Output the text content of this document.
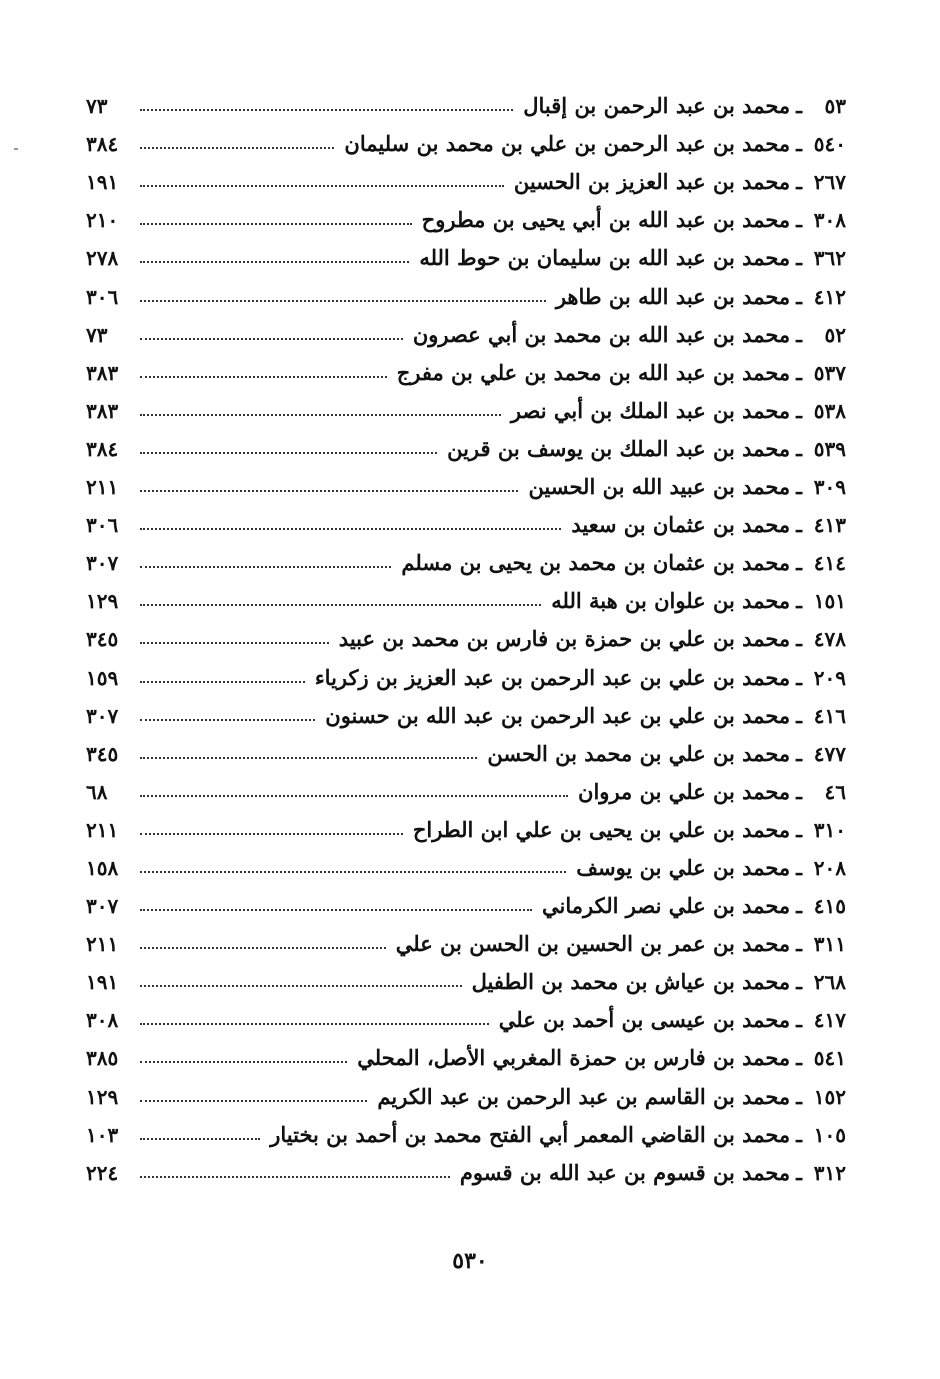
٥٣
ـ
محمد بن عبد الرحمن بن إقبال
٧٣
٥٤٠
ـ
محمد بن عبد الرحمن بن علي بن محمد بن سليمان
٣٨٤
٢٦٧
ـ
محمد بن عبد العزيز بن الحسين
١٩١
٣٠٨
ـ
محمد بن عبد الله بن أبي يحيى بن مطروح
٢١٠
٣٦٢
ـ
محمد بن عبد الله بن سليمان بن حوط الله
٢٧٨
٤١٢
ـ
محمد بن عبد الله بن طاهر
٣٠٦
٥٢
ـ
محمد بن عبد الله بن محمد بن أبي عصرون
٧٣
٥٣٧
ـ
محمد بن عبد الله بن محمد بن علي بن مفرج
٣٨٣
٥٣٨
ـ
محمد بن عبد الملك بن أبي نصر
٣٨٣
٥٣٩
ـ
محمد بن عبد الملك بن يوسف بن قرين
٣٨٤
٣٠٩
ـ
محمد بن عبيد الله بن الحسين
٢١١
٤١٣
ـ
محمد بن عثمان بن سعيد
٣٠٦
٤١٤
ـ
محمد بن عثمان بن محمد بن يحيى بن مسلم
٣٠٧
١٥١
ـ
محمد بن علوان بن هبة الله
١٢٩
٤٧٨
ـ
محمد بن علي بن حمزة بن فارس بن محمد بن عبيد
٣٤٥
٢٠٩
ـ
محمد بن علي بن عبد الرحمن بن عبد العزيز بن زكرياء
١٥٩
٤١٦
ـ
محمد بن علي بن عبد الرحمن بن عبد الله بن حسنون
٣٠٧
٤٧٧
ـ
محمد بن علي بن محمد بن الحسن
٣٤٥
٤٦
ـ
محمد بن علي بن مروان
٦٨
٣١٠
ـ
محمد بن علي بن يحيى بن علي ابن الطراح
٢١١
٢٠٨
ـ
محمد بن علي بن يوسف
١٥٨
٤١٥
ـ
محمد بن علي نصر الكرماني
٣٠٧
٣١١
ـ
محمد بن عمر بن الحسين بن الحسن بن علي
٢١١
٢٦٨
ـ
محمد بن عياش بن محمد بن الطفيل
١٩١
٤١٧
ـ
محمد بن عيسى بن أحمد بن علي
٣٠٨
٥٤١
ـ
محمد بن فارس بن حمزة المغربي الأصل، المحلي
٣٨٥
١٥٢
ـ
محمد بن القاسم بن عبد الرحمن بن عبد الكريم
١٢٩
١٠٥
ـ
محمد بن القاضي المعمر أبي الفتح محمد بن أحمد بن بختيار
١٠٣
٣١٢
ـ
محمد بن قسوم بن عبد الله بن قسوم
٢٢٤
٥٣٠
